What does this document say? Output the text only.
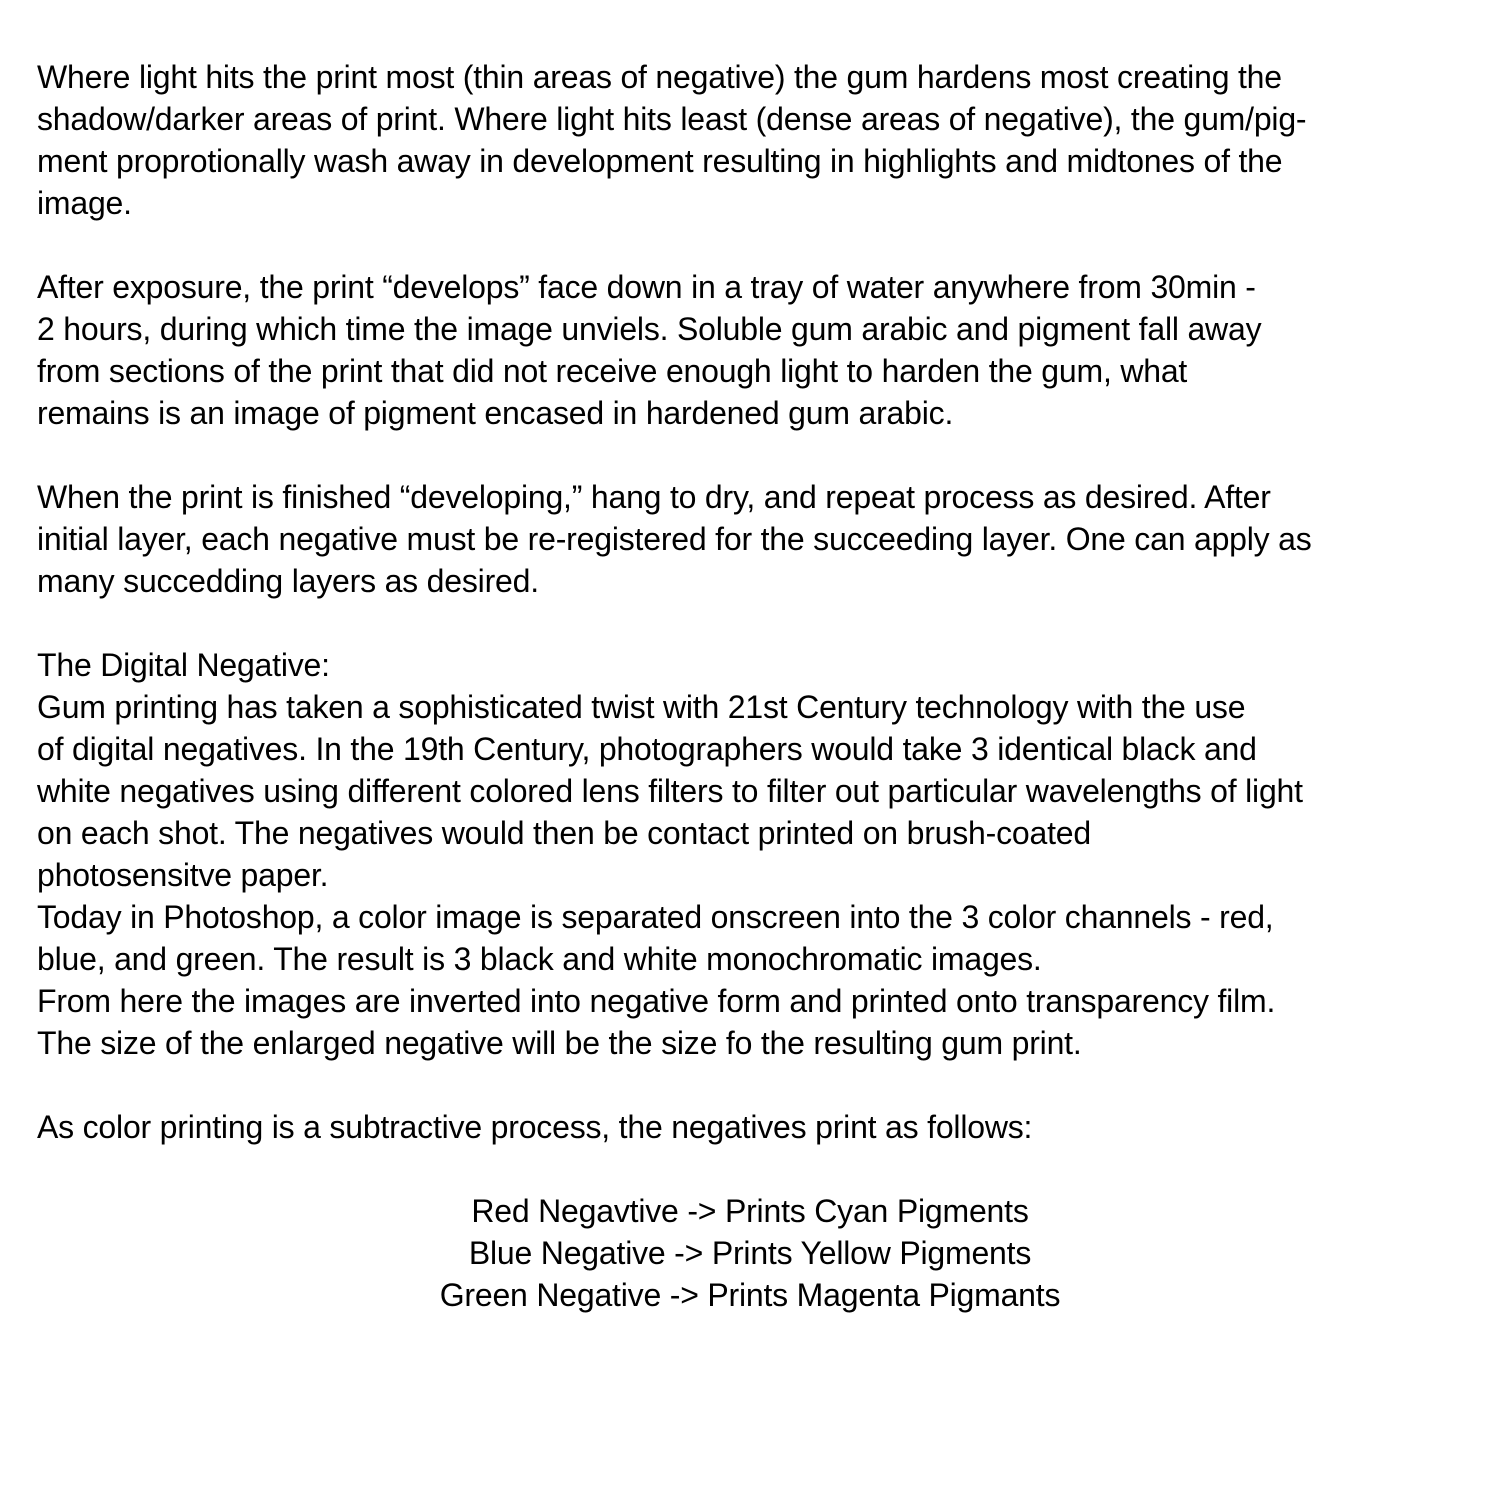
Where light hits the print most (thin areas of negative) the gum hardens most creating the
shadow/darker areas of print. Where light hits least (dense areas of negative), the gum/pig-
ment proprotionally wash away in development resulting in highlights and midtones of the
image.

After exposure, the print “develops” face down in a tray of water anywhere from 30min -
2 hours, during which time the image unviels. Soluble gum arabic and pigment fall away
from sections of the print that did not receive enough light to harden the gum, what
remains is an image of pigment encased in hardened gum arabic.

When the print is finished “developing,” hang to dry, and repeat process as desired. After
initial layer, each negative must be re-registered for the succeeding layer. One can apply as
many succedding layers as desired.

The Digital Negative:
Gum printing has taken a sophisticated twist with 21st Century technology with the use
of digital negatives. In the 19th Century, photographers would take 3 identical black and
white negatives using different colored lens filters to filter out particular wavelengths of light
on each shot. The negatives would then be contact printed on brush-coated
photosensitve paper.
Today in Photoshop, a color image is separated onscreen into the 3 color channels - red,
blue, and green. The result is 3 black and white monochromatic images.
From here the images are inverted into negative form and printed onto transparency film.
The size of the enlarged negative will be the size fo the resulting gum print.

As color printing is a subtractive process, the negatives print as follows:

Red Negavtive -> Prints Cyan Pigments
Blue Negative -> Prints Yellow Pigments
Green Negative -> Prints Magenta Pigmants
